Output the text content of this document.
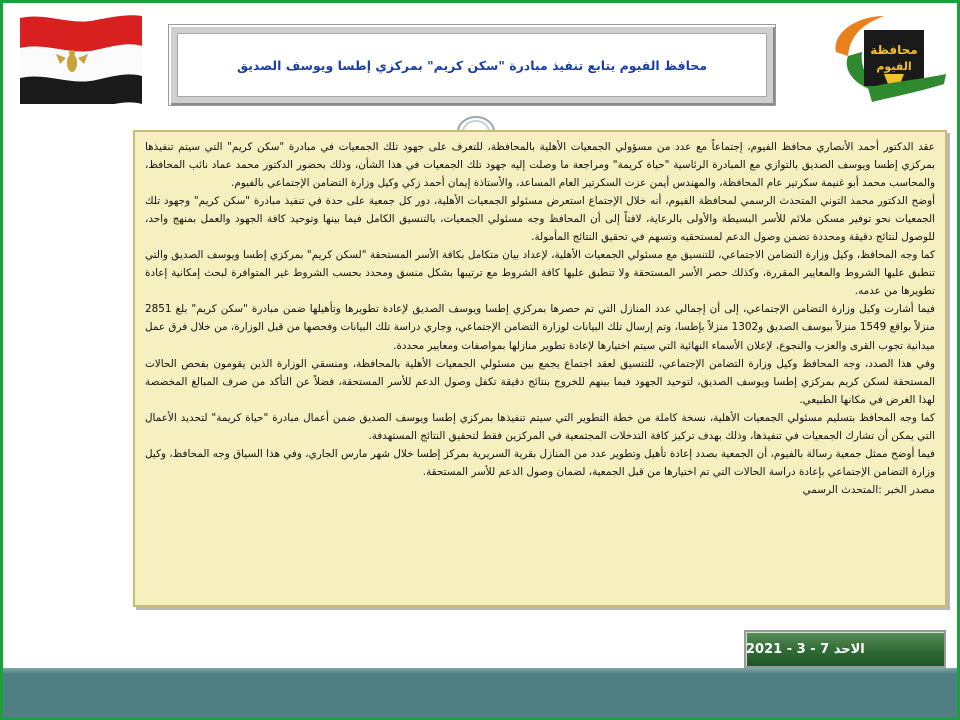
محافظة
الفيوم
محافظ الفيوم يتابع تنفيذ مبادرة "سكن كريم" بمركزي إطسا ويوسف الصديق

عقد الدكتور أحمد الأنصاري محافظ الفيوم، إجتماعاً مع عدد من مسؤولي الجمعيات الأهلية بالمحافظة، للتعرف على جهود تلك الجمعيات في مبادرة "سكن كريم" التي سيتم تنفيذها بمركزي إطسا ويوسف الصديق بالتوازي مع المبادرة الرئاسية "حياة كريمة" ومراجعة ما وصلت إليه جهود تلك الجمعيات في هذا الشأن، وذلك بحضور الدكتور محمد عماد نائب المحافظ، والمحاسب محمد أبو غنيمة سكرتير عام المحافظة، والمهندس أيمن عزت السكرتير العام المساعد، والأستاذة إيمان أحمد زكي وكيل وزارة التضامن الإجتماعي بالفيوم.

أوضح الدكتور محمد التوني المتحدث الرسمي لمحافظة الفيوم، أنه خلال الإجتماع استعرض مسئولو الجمعيات الأهلية، دور كل جمعية على حدة في تنفيذ مبادرة "سكن كريم" وجهود تلك الجمعيات نحو توفير مسكن ملائم للأسر البسيطة والأولى بالرعاية، لافتاً إلى أن المحافظ وجه مسئولي الجمعيات، بالتنسيق الكامل فيما بينها وتوحيد كافة الجهود والعمل بمنهج واحد، للوصول لنتائج دقيقة ومحددة تضمن وصول الدعم لمستحقيه وتسهم في تحقيق النتائج المأمولة.

كما وجه المحافظ، وكيل وزارة التضامن الاجتماعي، للتنسيق مع مسئولي الجمعيات الأهلية، لإعداد بيان متكامل بكافة الأسر المستحقة "لسكن كريم" بمركزي إطسا ويوسف الصديق والتي تنطبق عليها الشروط والمعايير المقررة، وكذلك حصر الأسر المستحقة ولا تنطبق عليها كافة الشروط مع ترتيبها بشكل منسق ومحدد بحسب الشروط غير المتوافرة لبحث إمكانية إعادة تطويرها من عدمه.

فيما أشارت وكيل وزارة التضامن الإجتماعي، إلى أن إجمالي عدد المنازل التي تم حصرها بمركزي إطسا ويوسف الصديق لإعادة تطويرها وتأهيلها ضمن مبادرة "سكن كريم" بلغ 2851 منزلاً بواقع 1549 منزلاً بيوسف الصديق و1302 منزلاً بإطسا، وتم إرسال تلك البيانات لوزارة التضامن الإجتماعي، وجاري دراسة تلك البيانات وفحصها من قبل الوزارة، من خلال فرق عمل ميدانية تجوب القرى والعزب والنجوع، لإعلان الأسماء النهائية التي سيتم اختيارها لإعادة تطوير منازلها بمواصفات ومعايير محددة.

وفي هذا الصدد، وجه المحافظ وكيل وزارة التضامن الإجتماعي، للتنسيق لعقد اجتماع يجمع بين مسئولي الجمعيات الأهلية بالمحافظة، ومنسقي الوزارة الذين يقومون بفحص الحالات المستحقة لسكن كريم بمركزي إطسا ويوسف الصديق، لتوحيد الجهود فيما بينهم للخروج بنتائج دقيقة تكفل وصول الدعم للأسر المستحقة، فضلاً عن التأكد من صرف المبالغ المخصصة لهذا الغرض في مكانها الطبيعي.

كما وجه المحافظ بتسليم مسئولي الجمعيات الأهلية، نسخة كاملة من خطة التطوير التي سيتم تنفيذها بمركزي إطسا ويوسف الصديق ضمن أعمال مبادرة "حياة كريمة" لتحديد الأعمال التي يمكن أن تشارك الجمعيات في تنفيذها، وذلك بهدف تركيز كافة التدخلات المجتمعية في المركزين فقط لتحقيق النتائج المستهدفة.

فيما أوضح ممثل جمعية رسالة بالفيوم، أن الجمعية بصدد إعادة تأهيل وتطوير عدد من المنازل بقرية السريرية بمركز إطسا خلال شهر مارس الجاري، وفي هذا السياق وجه المحافظ، وكيل وزارة التضامن الإجتماعي بإعادة دراسة الحالات التي تم اختيارها من قبل الجمعية، لضمان وصول الدعم للأسر المستحقة.

مصدر الخبر :المتحدث الرسمي

الاحد 7 - 3 - 2021
